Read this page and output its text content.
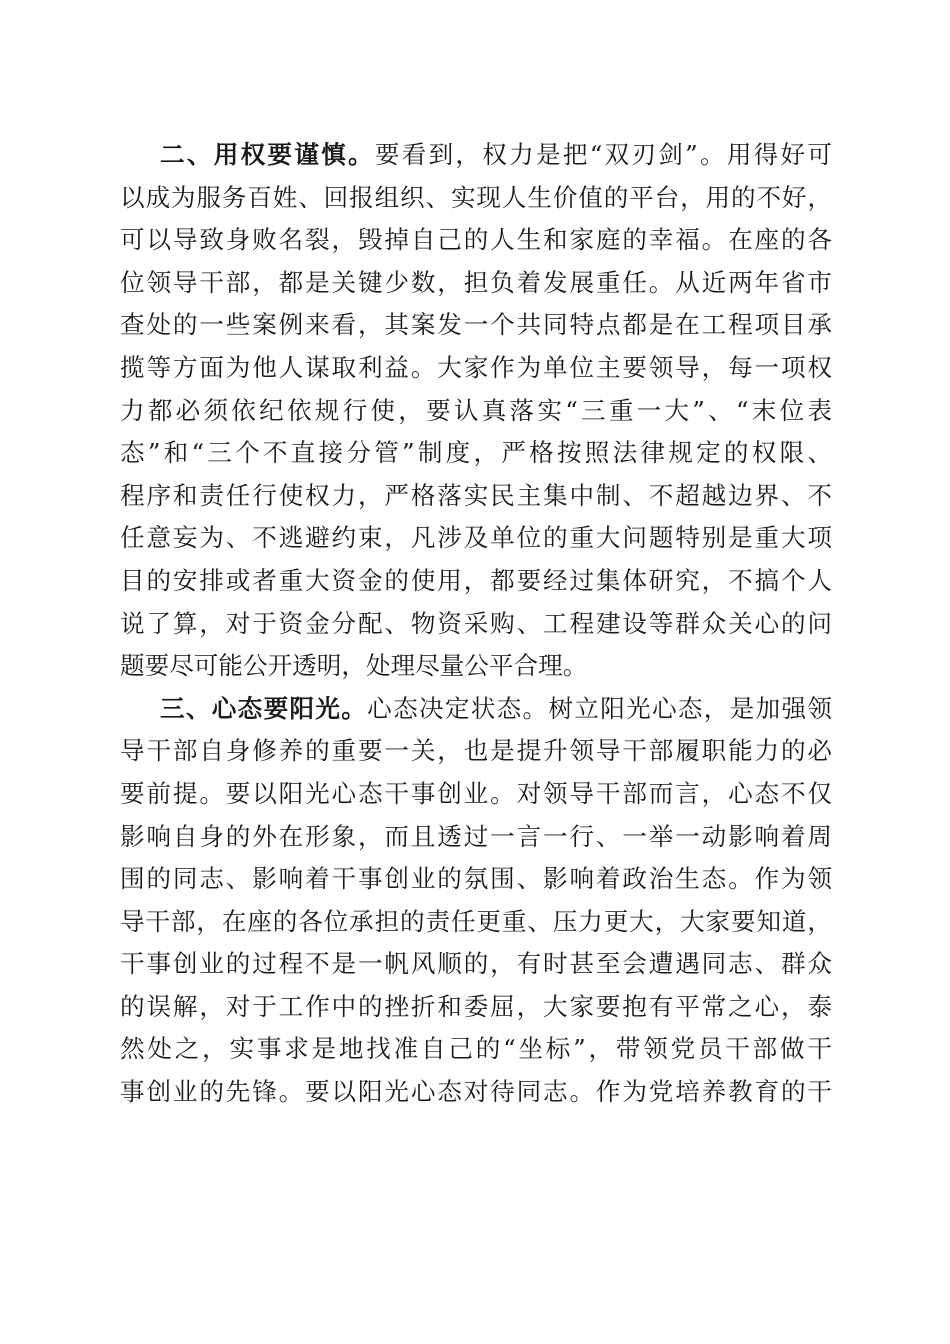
二、用权要谨慎。要看到，权力是把“双刃剑”。用得好可
以成为服务百姓、回报组织、实现人生价值的平台，用的不好，
可以导致身败名裂，毁掉自己的人生和家庭的幸福。在座的各
位领导干部，都是关键少数，担负着发展重任。从近两年省市
查处的一些案例来看，其案发一个共同特点都是在工程项目承
揽等方面为他人谋取利益。大家作为单位主要领导，每一项权
力都必须依纪依规行使，要认真落实“三重一大”、“末位表
态”和“三个不直接分管”制度，严格按照法律规定的权限、
程序和责任行使权力，严格落实民主集中制、不超越边界、不
任意妄为、不逃避约束，凡涉及单位的重大问题特别是重大项
目的安排或者重大资金的使用，都要经过集体研究，不搞个人
说了算，对于资金分配、物资采购、工程建设等群众关心的问
题要尽可能公开透明，处理尽量公平合理。
三、心态要阳光。心态决定状态。树立阳光心态，是加强领
导干部自身修养的重要一关，也是提升领导干部履职能力的必
要前提。要以阳光心态干事创业。对领导干部而言，心态不仅
影响自身的外在形象，而且透过一言一行、一举一动影响着周
围的同志、影响着干事创业的氛围、影响着政治生态。作为领
导干部，在座的各位承担的责任更重、压力更大，大家要知道，
干事创业的过程不是一帆风顺的，有时甚至会遭遇同志、群众
的误解，对于工作中的挫折和委屈，大家要抱有平常之心，泰
然处之，实事求是地找准自己的“坐标”，带领党员干部做干
事创业的先锋。要以阳光心态对待同志。作为党培养教育的干
